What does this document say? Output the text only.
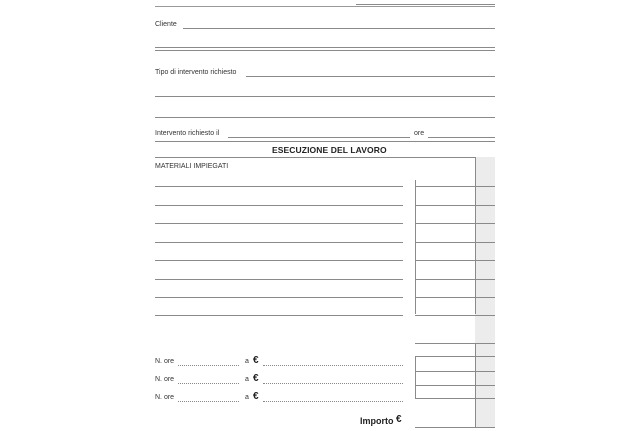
Cliente
Tipo di intervento richiesto
Intervento richiesto il	ore
ESECUZIONE DEL LAVORO
MATERIALI IMPIEGATI
N. ore	a €
N. ore	a €
N. ore	a €
Importo €
